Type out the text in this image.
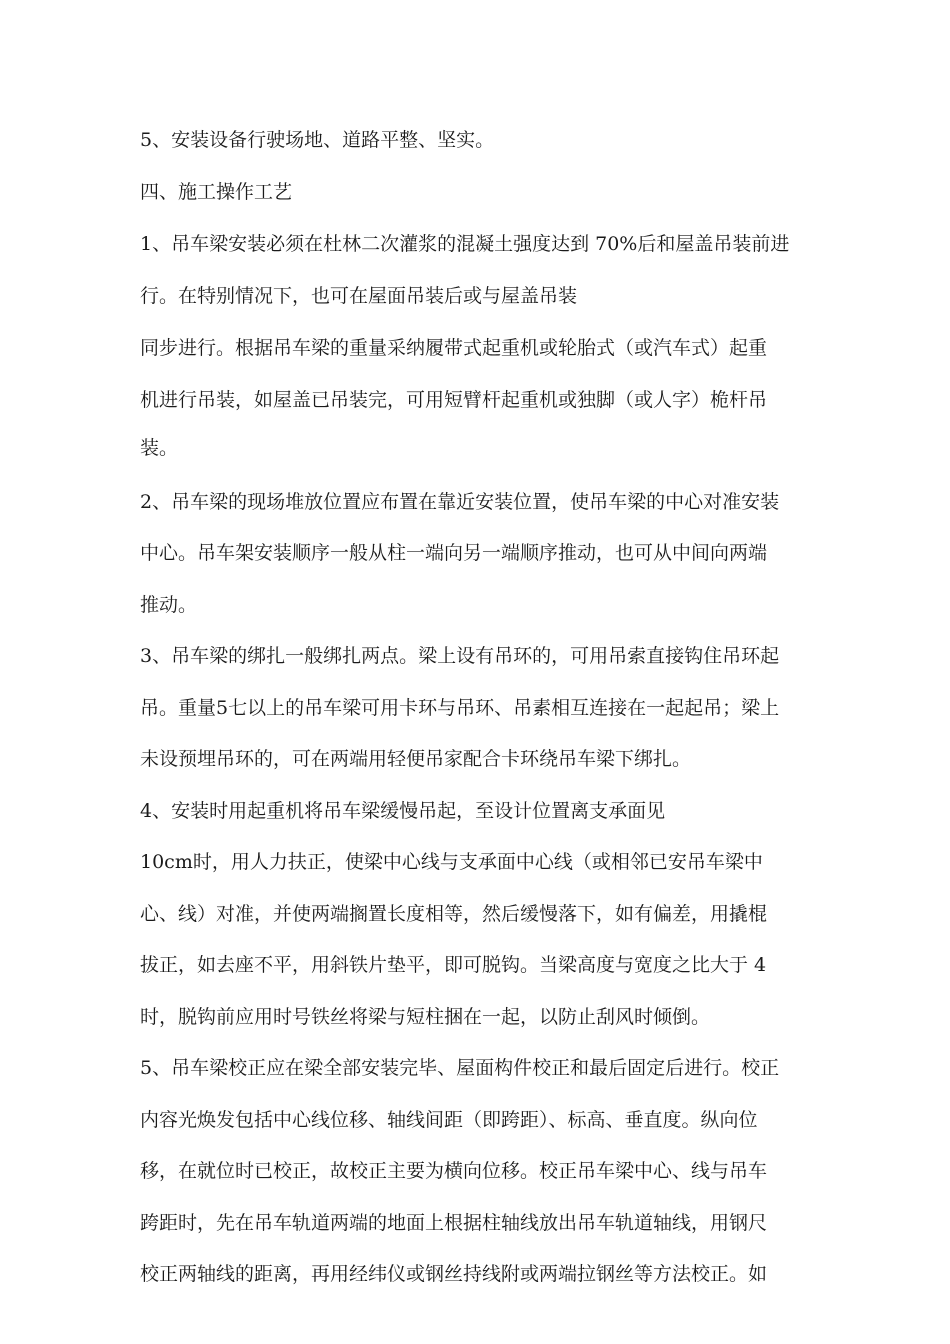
5、安装设备行驶场地、道路平整、坚实。
四、施工操作工艺
1、吊车梁安装必须在杜林二次灌浆的混凝土强度达到 70%后和屋盖吊装前进
行。在特别情况下，也可在屋面吊装后或与屋盖吊装
同步进行。根据吊车梁的重量采纳履带式起重机或轮胎式（或汽车式）起重
机进行吊装，如屋盖已吊装完，可用短臂杆起重机或独脚（或人字）桅杆吊
装。
2、吊车梁的现场堆放位置应布置在靠近安装位置，使吊车梁的中心对准安装
中心。吊车架安装顺序一般从柱一端向另一端顺序推动，也可从中间向两端
推动。
3、吊车梁的绑扎一般绑扎两点。梁上设有吊环的，可用吊索直接钩住吊环起
吊。重量5七以上的吊车梁可用卡环与吊环、吊素相互连接在一起起吊；梁上
未设预埋吊环的，可在两端用轻便吊家配合卡环绕吊车梁下绑扎。
4、安装时用起重机将吊车梁缓慢吊起，至设计位置离支承面见
10cm时，用人力扶正，使梁中心线与支承面中心线（或相邻已安吊车梁中
心、线）对准，并使两端搁置长度相等，然后缓慢落下，如有偏差，用撬棍
拔正，如去座不平，用斜铁片垫平，即可脱钩。当梁高度与宽度之比大于 4
时，脱钩前应用时号铁丝将梁与短柱捆在一起，以防止刮风时倾倒。
5、吊车梁校正应在梁全部安装完毕、屋面构件校正和最后固定后进行。校正
内容光焕发包括中心线位移、轴线间距（即跨距）、标高、垂直度。纵向位
移，在就位时已校正，故校正主要为横向位移。校正吊车梁中心、线与吊车
跨距时，先在吊车轨道两端的地面上根据柱轴线放出吊车轨道轴线，用钢尺
校正两轴线的距离，再用经纬仪或钢丝持线附或两端拉钢丝等方法校正。如
